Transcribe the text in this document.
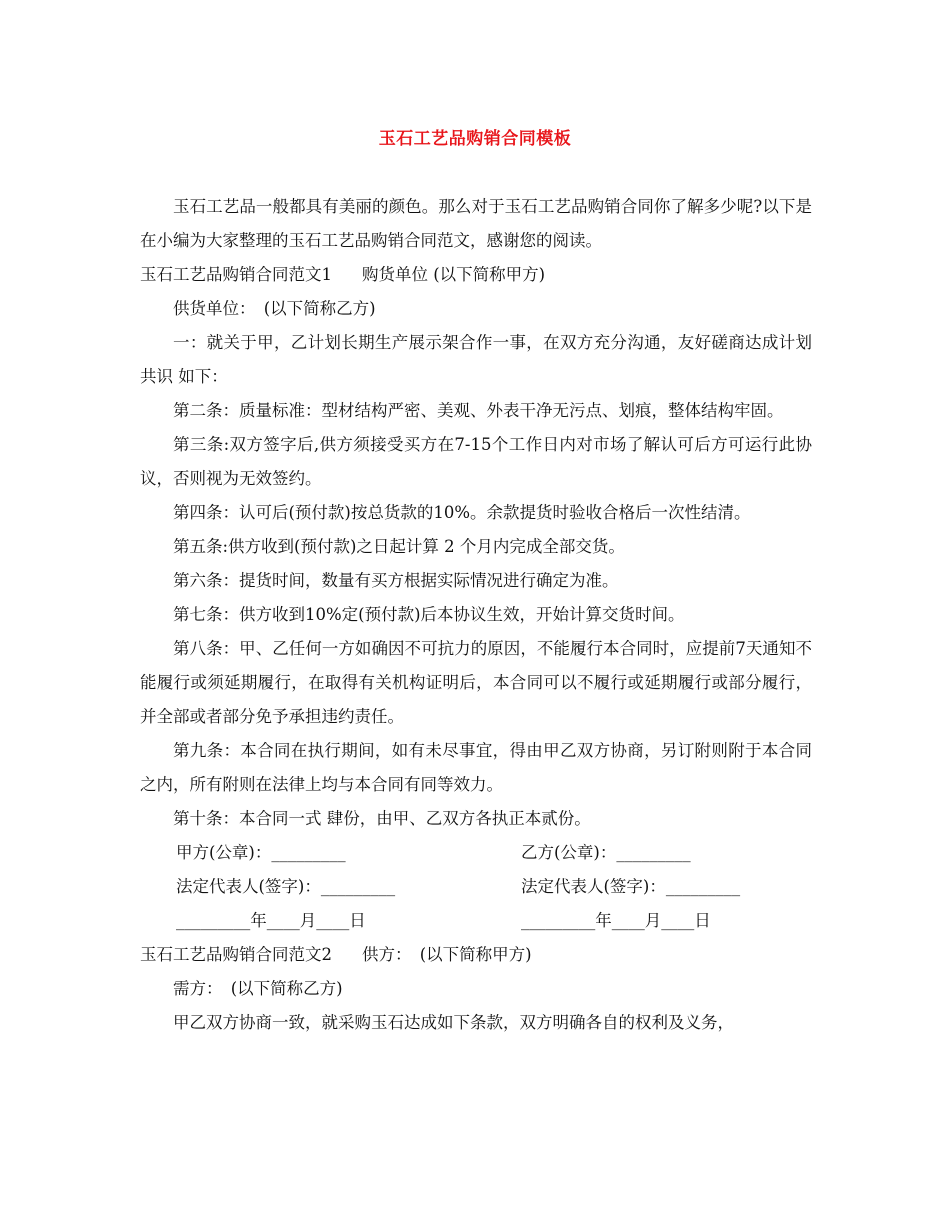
玉石工艺品购销合同模板

玉石工艺品一般都具有美丽的颜色。那么对于玉石工艺品购销合同你了解多少呢?以下是在小编为大家整理的玉石工艺品购销合同范文，感谢您的阅读。

玉石工艺品购销合同范文1 购货单位 (以下简称甲方)

供货单位：　(以下简称乙方)

一：就关于甲，乙计划长期生产展示架合作一事，在双方充分沟通，友好磋商达成计划共识 如下：

第二条：质量标准：型材结构严密、美观、外表干净无污点、划痕，整体结构牢固。

第三条:双方签字后,供方须接受买方在7-15个工作日内对市场了解认可后方可运行此协议，否则视为无效签约。

第四条：认可后(预付款)按总货款的10%。余款提货时验收合格后一次性结清。

第五条:供方收到(预付款)之日起计算 2 个月内完成全部交货。

第六条：提货时间，数量有买方根据实际情况进行确定为准。

第七条：供方收到10%定(预付款)后本协议生效，开始计算交货时间。

第八条：甲、乙任何一方如确因不可抗力的原因，不能履行本合同时，应提前7天通知不能履行或须延期履行，在取得有关机构证明后，本合同可以不履行或延期履行或部分履行，并全部或者部分免予承担违约责任。

第九条：本合同在执行期间，如有未尽事宜，得由甲乙双方协商，另订附则附于本合同之内，所有附则在法律上均与本合同有同等效力。

第十条：本合同一式 肆份，由甲、乙双方各执正本贰份。

甲方(公章)：_________	乙方(公章)：_________
法定代表人(签字)：_________	法定代表人(签字)：_________
_________年____月____日	_________年____月____日

玉石工艺品购销合同范文2 供方：　(以下简称甲方)

需方：　(以下简称乙方)

甲乙双方协商一致，就采购玉石达成如下条款，双方明确各自的权利及义务，
